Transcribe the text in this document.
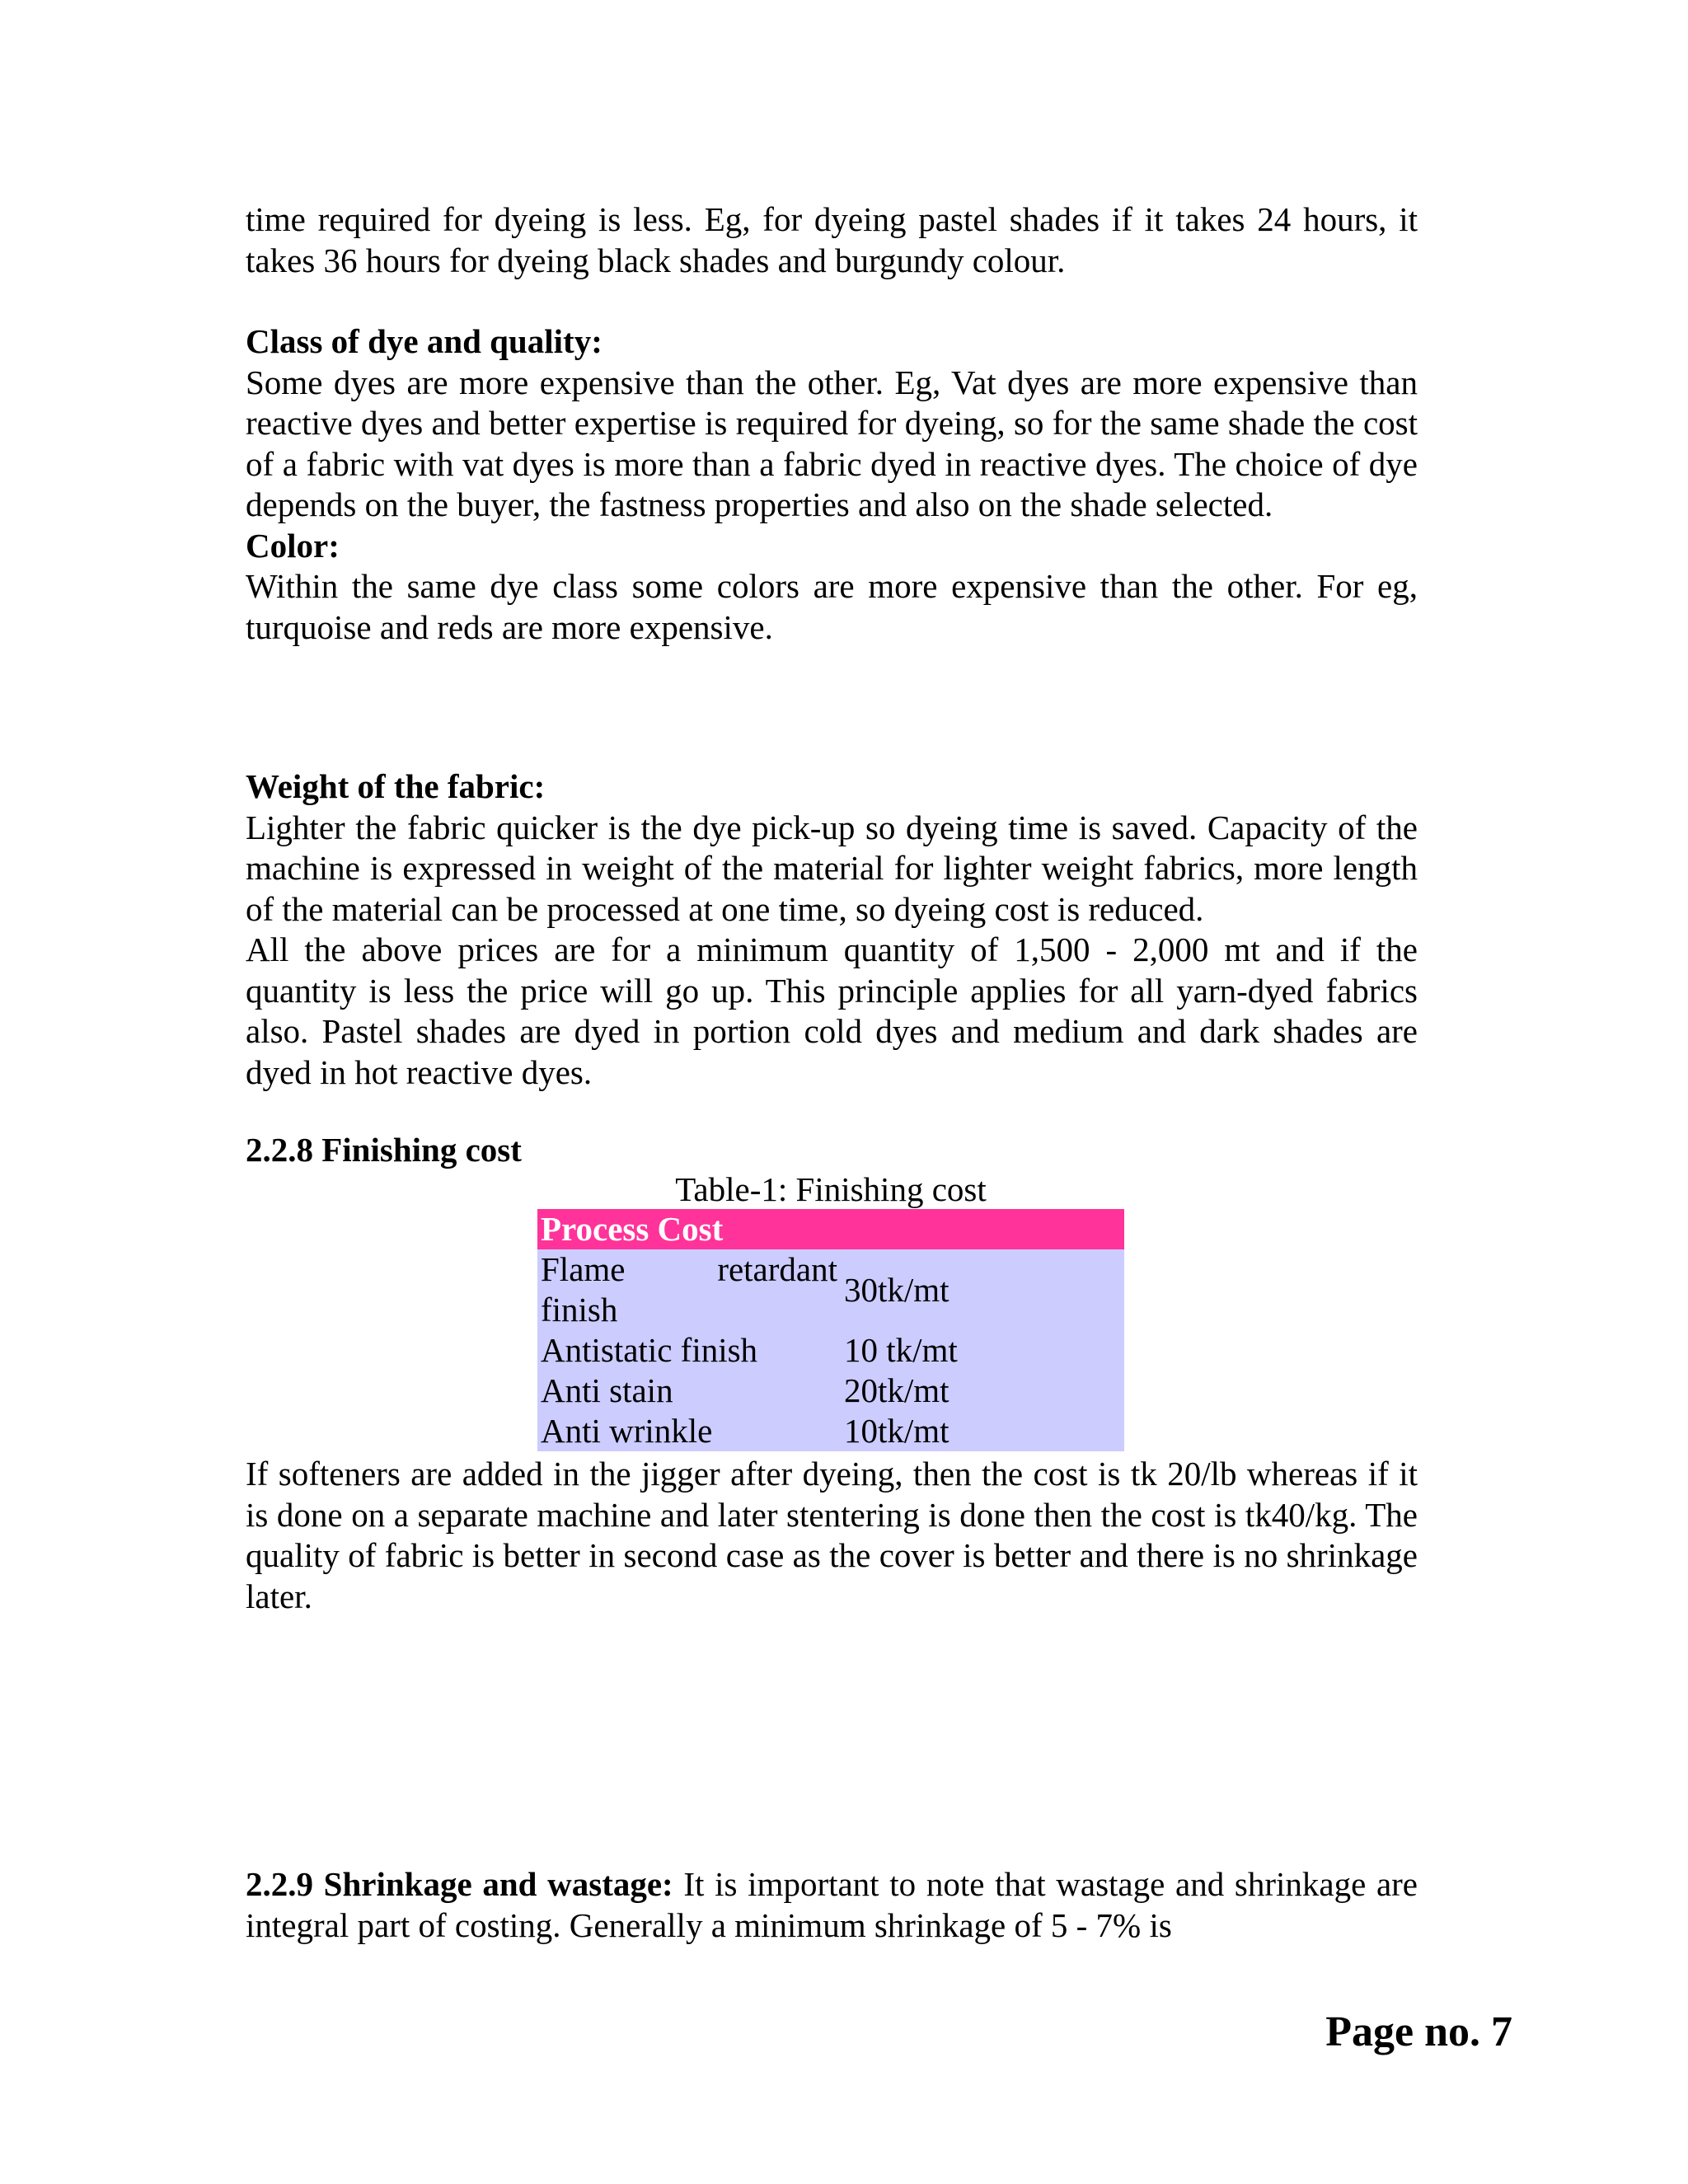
time required for dyeing is less. Eg, for dyeing pastel shades if it takes 24 hours, it takes 36 hours for dyeing black shades and burgundy colour.

Class of dye and quality:
Some dyes are more expensive than the other. Eg, Vat dyes are more expensive than reactive dyes and better expertise is required for dyeing, so for the same shade the cost of a fabric with vat dyes is more than a fabric dyed in reactive dyes. The choice of dye depends on the buyer, the fastness properties and also on the shade selected.
Color:
Within the same dye class some colors are more expensive than the other. For eg, turquoise and reds are more expensive.
Weight of the fabric:
Lighter the fabric quicker is the dye pick-up so dyeing time is saved. Capacity of the machine is expressed in weight of the material for lighter weight fabrics, more length of the material can be processed at one time, so dyeing cost is reduced.
All the above prices are for a minimum quantity of 1,500 - 2,000 mt and if the quantity is less the price will go up. This principle applies for all yarn-dyed fabrics also. Pastel shades are dyed in portion cold dyes and medium and dark shades are dyed in hot reactive dyes.
2.2.8 Finishing cost
Table-1: Finishing cost
Process Cost	

Flame retardant
finish	30tk/mt
Antistatic finish	10 tk/mt
Anti stain	20tk/mt
Anti wrinkle	10tk/mt

If softeners are added in the jigger after dyeing, then the cost is tk 20/lb whereas if it is done on a separate machine and later stentering is done then the cost is tk40/kg. The quality of fabric is better in second case as the cover is better and there is no shrinkage later.

2.2.9 Shrinkage and wastage: It is important to note that wastage and shrinkage are integral part of costing. Generally a minimum shrinkage of 5 - 7% is

Page no. 7
